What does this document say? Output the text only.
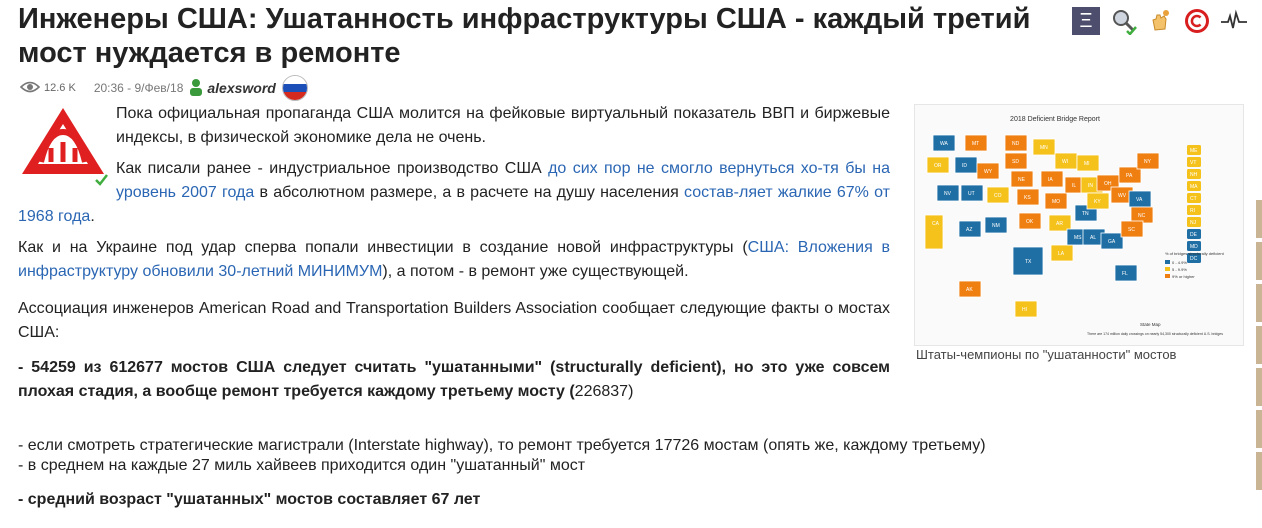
Инженеры США: Ушатанность инфраструктуры США - каждый третий мост нуждается в ремонте
Ξ
12.6 K 20:36 - 9/Фев/18 alexsword

Пока официальная пропаганда США молится на фейковые виртуальный показатель ВВП и биржевые индексы, в физической экономике дела не очень.

Как писали ранее - индустриальное производство США до сих пор не смогло вернуться хо-тя бы на уровень 2007 года в абсолютном размере, а в расчете на душу населения состав-ляет жалкие 67% от 1968 года.

Как и на Украине под удар сперва попали инвестиции в создание новой инфраструктуры (США: Вложения в инфраструктуру обновили 30-летний МИНИМУМ), а потом - в ремонт уже существующей.

Ассоциация инженеров American Road and Transportation Builders Association сообщает следующие факты о мостах США:

- 54259 из 612677 мостов США следует считать "ушатанными" (structurally deficient), но это уже совсем плохая стадия, а вообще ремонт требуется каждому третьему мосту (226837)

- если смотреть стратегические магистрали (Interstate highway), то ремонт требуется 17726 мостам (опять же, каждому третьему)

- в среднем на каждые 27 миль хайвеев приходится один "ушатанный" мост

- средний возраст "ушатанных" мостов составляет 67 лет

2018 Deficient Bridge Report
WA	MT	ND
MN
OR	ID
SD	WI	MI
WY
NE	IA
NV	UT	CO	KS
MO
IL IN OH
PA
NY
CA
AZ
NM
OK	AR
TN
KY
WV
VA
NC
TX
LA
MS AL
GA
SC
FL
AK
HI
ME
VT
NH
MA
CT
RI
NJ
DE
MD
DC
% of bridges structurally deficient
0 - 4.9%
5 - 9.9%
9% or higher
State Map
There are 174 million daily crossings on nearly 54,300 structurally deficient U.S. bridges
Штаты-чемпионы по "ушатанности" мостов
